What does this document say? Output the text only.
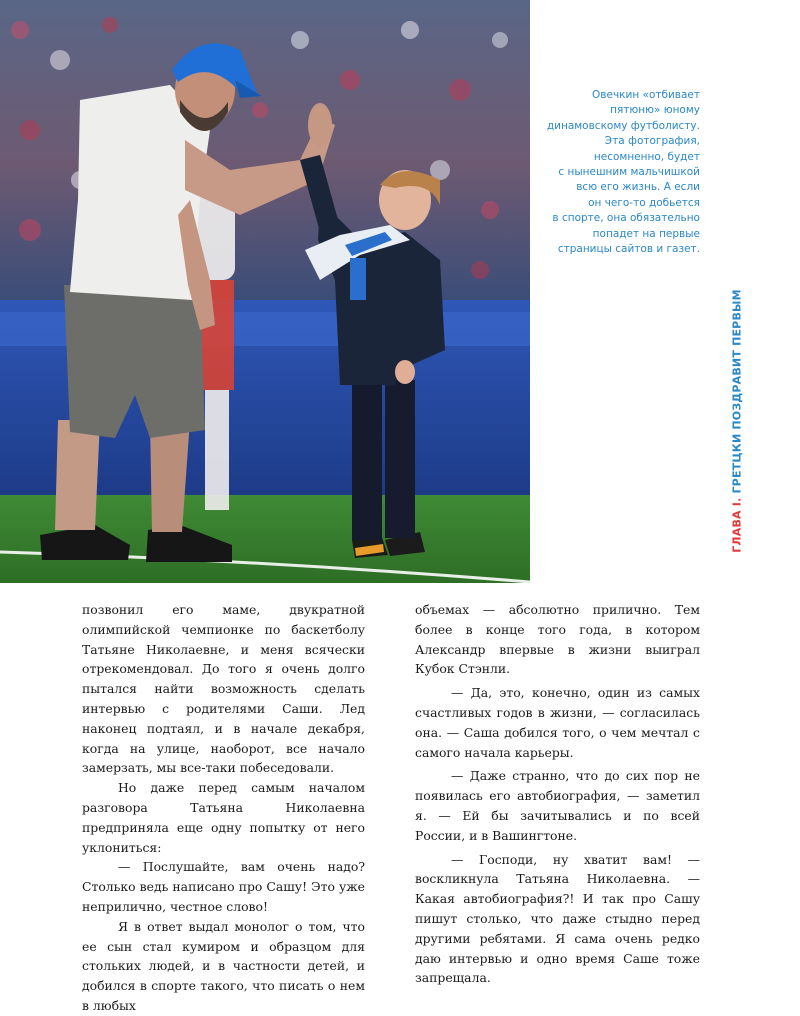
Овечкин «отбивает
пятюню» юному
динамовскому футболисту.
Эта фотография,
несомненно, будет
с нынешним мальчишкой
всю его жизнь. А если
он чего-то добьется
в спорте, она обязательно
попадет на первые
страницы сайтов и газет.
ГЛАВА I.ГРЕТЦКИ ПОЗДРАВИТ ПЕРВЫМ

позвонил его маме, двукратной олимпийской чемпионке по баскетболу Татьяне Николаевне, и меня всячески отрекомендовал. До того я очень долго пытался найти возможность сделать интервью с родителями Саши. Лед наконец подтаял, и в начале декабря, когда на улице, наоборот, все начало замерзать, мы все-таки побеседовали.

Но даже перед самым началом разговора Татьяна Николаевна предприняла еще одну попытку от него уклониться:

— Послушайте, вам очень надо? Столько ведь написано про Сашу! Это уже неприлично, честное слово!

Я в ответ выдал монолог о том, что ее сын стал кумиром и образцом для стольких людей, и в частности детей, и добился в спорте такого, что писать о нем в любых

объемах — абсолютно прилично. Тем более в конце того года, в котором Александр впервые в жизни выиграл Кубок Стэнли.

— Да, это, конечно, один из самых счастливых годов в жизни, — согласилась она. — Саша добился того, о чем мечтал с самого начала карьеры.

— Даже странно, что до сих пор не появилась его автобиография, — заметил я. — Ей бы зачитывались и по всей России, и в Вашингтоне.

— Господи, ну хватит вам! — воскликнула Татьяна Николаевна. — Какая автобиография?! И так про Сашу пишут столько, что даже стыдно перед другими ребятами. Я сама очень редко даю интервью и одно время Саше тоже запрещала.
